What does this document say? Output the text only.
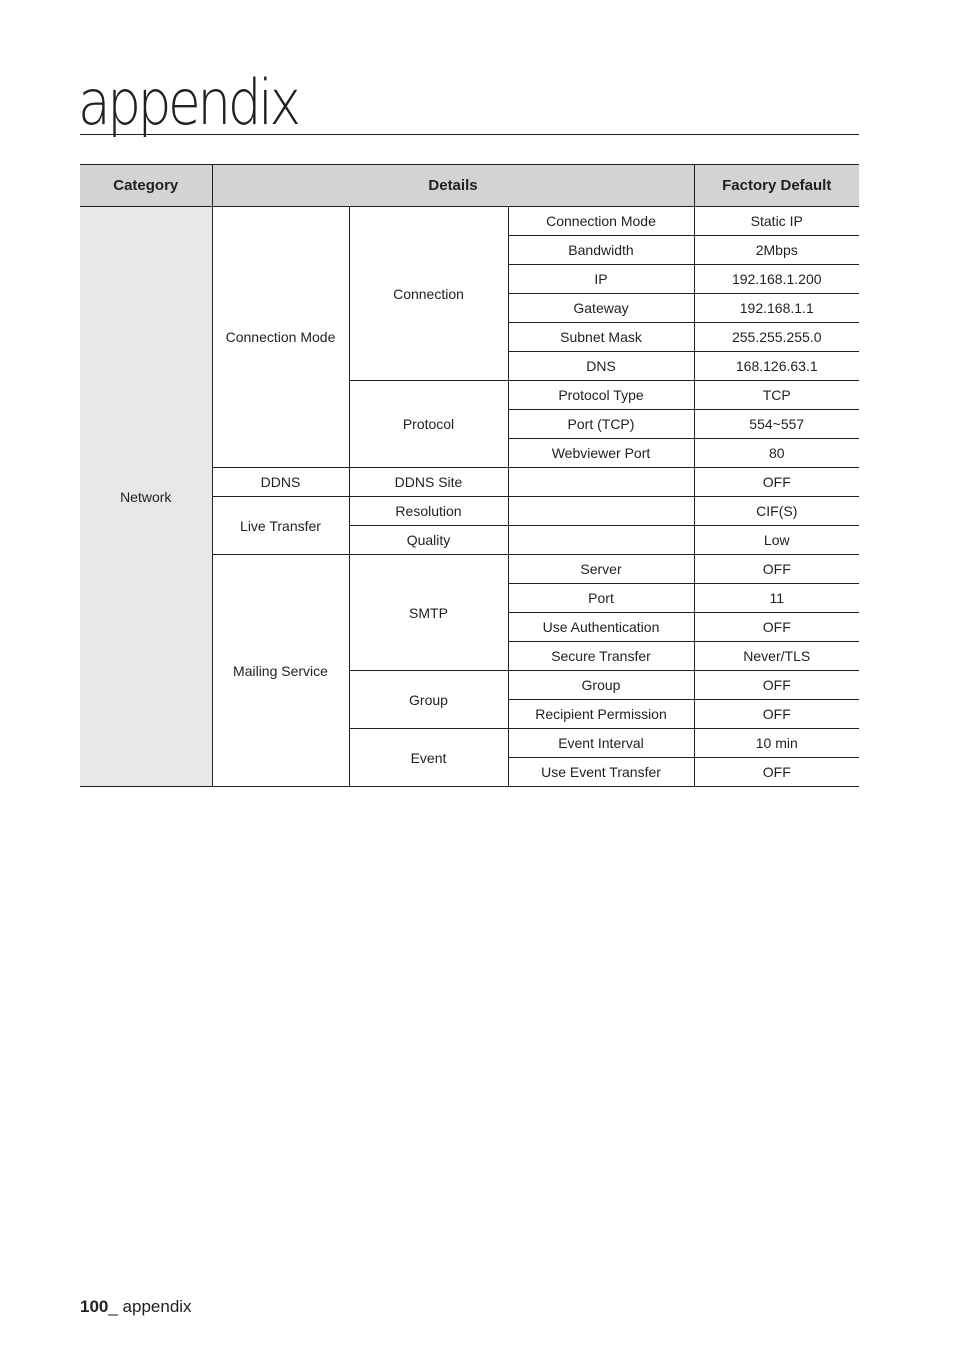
appendix
Category	Details			Factory Default
Network	Connection Mode	Connection	Connection Mode	Static IP
			Bandwidth	2Mbps
			IP	192.168.1.200
			Gateway	192.168.1.1
			Subnet Mask	255.255.255.0
			DNS	168.126.63.1
		Protocol	Protocol Type	TCP
			Port (TCP)	554~557
			Webviewer Port	80
	DDNS	DDNS Site		OFF
	Live Transfer	Resolution		CIF(S)
		Quality		Low
	Mailing Service	SMTP	Server	OFF
			Port	11
			Use Authentication	OFF
			Secure Transfer	Never/TLS
		Group	Group	OFF
			Recipient Permission	OFF
		Event	Event Interval	10 min
			Use Event Transfer	OFF
100_ appendix
